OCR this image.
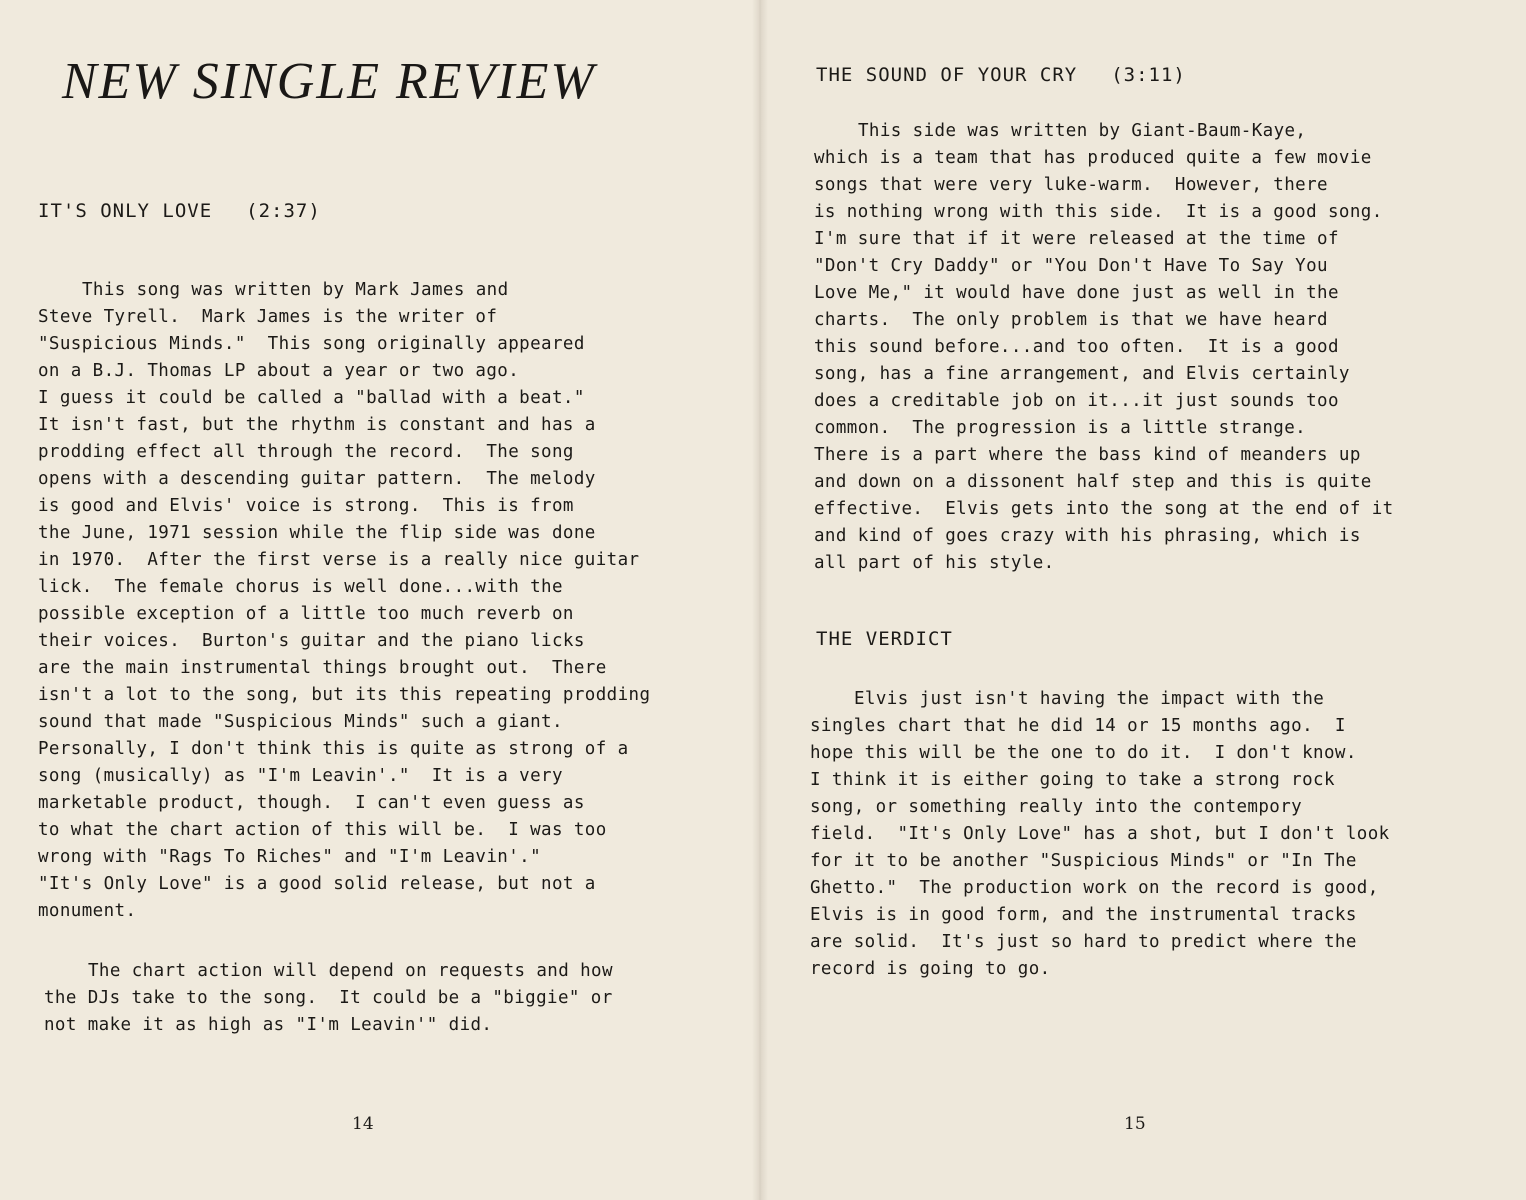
NEW SINGLE REVIEW
IT'S ONLY LOVE (2:37)

This song was written by Mark James and
Steve Tyrell.  Mark James is the writer of
"Suspicious Minds."  This song originally appeared
on a B.J. Thomas LP about a year or two ago.
I guess it could be called a "ballad with a beat."
It isn't fast, but the rhythm is constant and has a
prodding effect all through the record.  The song
opens with a descending guitar pattern.  The melody
is good and Elvis' voice is strong.  This is from
the June, 1971 session while the flip side was done
in 1970.  After the first verse is a really nice guitar
lick.  The female chorus is well done...with the
possible exception of a little too much reverb on
their voices.  Burton's guitar and the piano licks
are the main instrumental things brought out.  There
isn't a lot to the song, but its this repeating prodding
sound that made "Suspicious Minds" such a giant.
Personally, I don't think this is quite as strong of a
song (musically) as "I'm Leavin'."  It is a very
marketable product, though.  I can't even guess as
to what the chart action of this will be.  I was too
wrong with "Rags To Riches" and "I'm Leavin'."
"It's Only Love" is a good solid release, but not a
monument.

The chart action will depend on requests and how
the DJs take to the song.  It could be a "biggie" or
not make it as high as "I'm Leavin'" did.

14

THE SOUND OF YOUR CRY (3:11)

This side was written by Giant-Baum-Kaye,
which is a team that has produced quite a few movie
songs that were very luke-warm.  However, there
is nothing wrong with this side.  It is a good song.
I'm sure that if it were released at the time of
"Don't Cry Daddy" or "You Don't Have To Say You
Love Me," it would have done just as well in the
charts.  The only problem is that we have heard
this sound before...and too often.  It is a good
song, has a fine arrangement, and Elvis certainly
does a creditable job on it...it just sounds too
common.  The progression is a little strange.
There is a part where the bass kind of meanders up
and down on a dissonent half step and this is quite
effective.  Elvis gets into the song at the end of it
and kind of goes crazy with his phrasing, which is
all part of his style.

THE VERDICT

Elvis just isn't having the impact with the
singles chart that he did 14 or 15 months ago.  I
hope this will be the one to do it.  I don't know.
I think it is either going to take a strong rock
song, or something really into the contempory
field.  "It's Only Love" has a shot, but I don't look
for it to be another "Suspicious Minds" or "In The
Ghetto."  The production work on the record is good,
Elvis is in good form, and the instrumental tracks
are solid.  It's just so hard to predict where the
record is going to go.

15
